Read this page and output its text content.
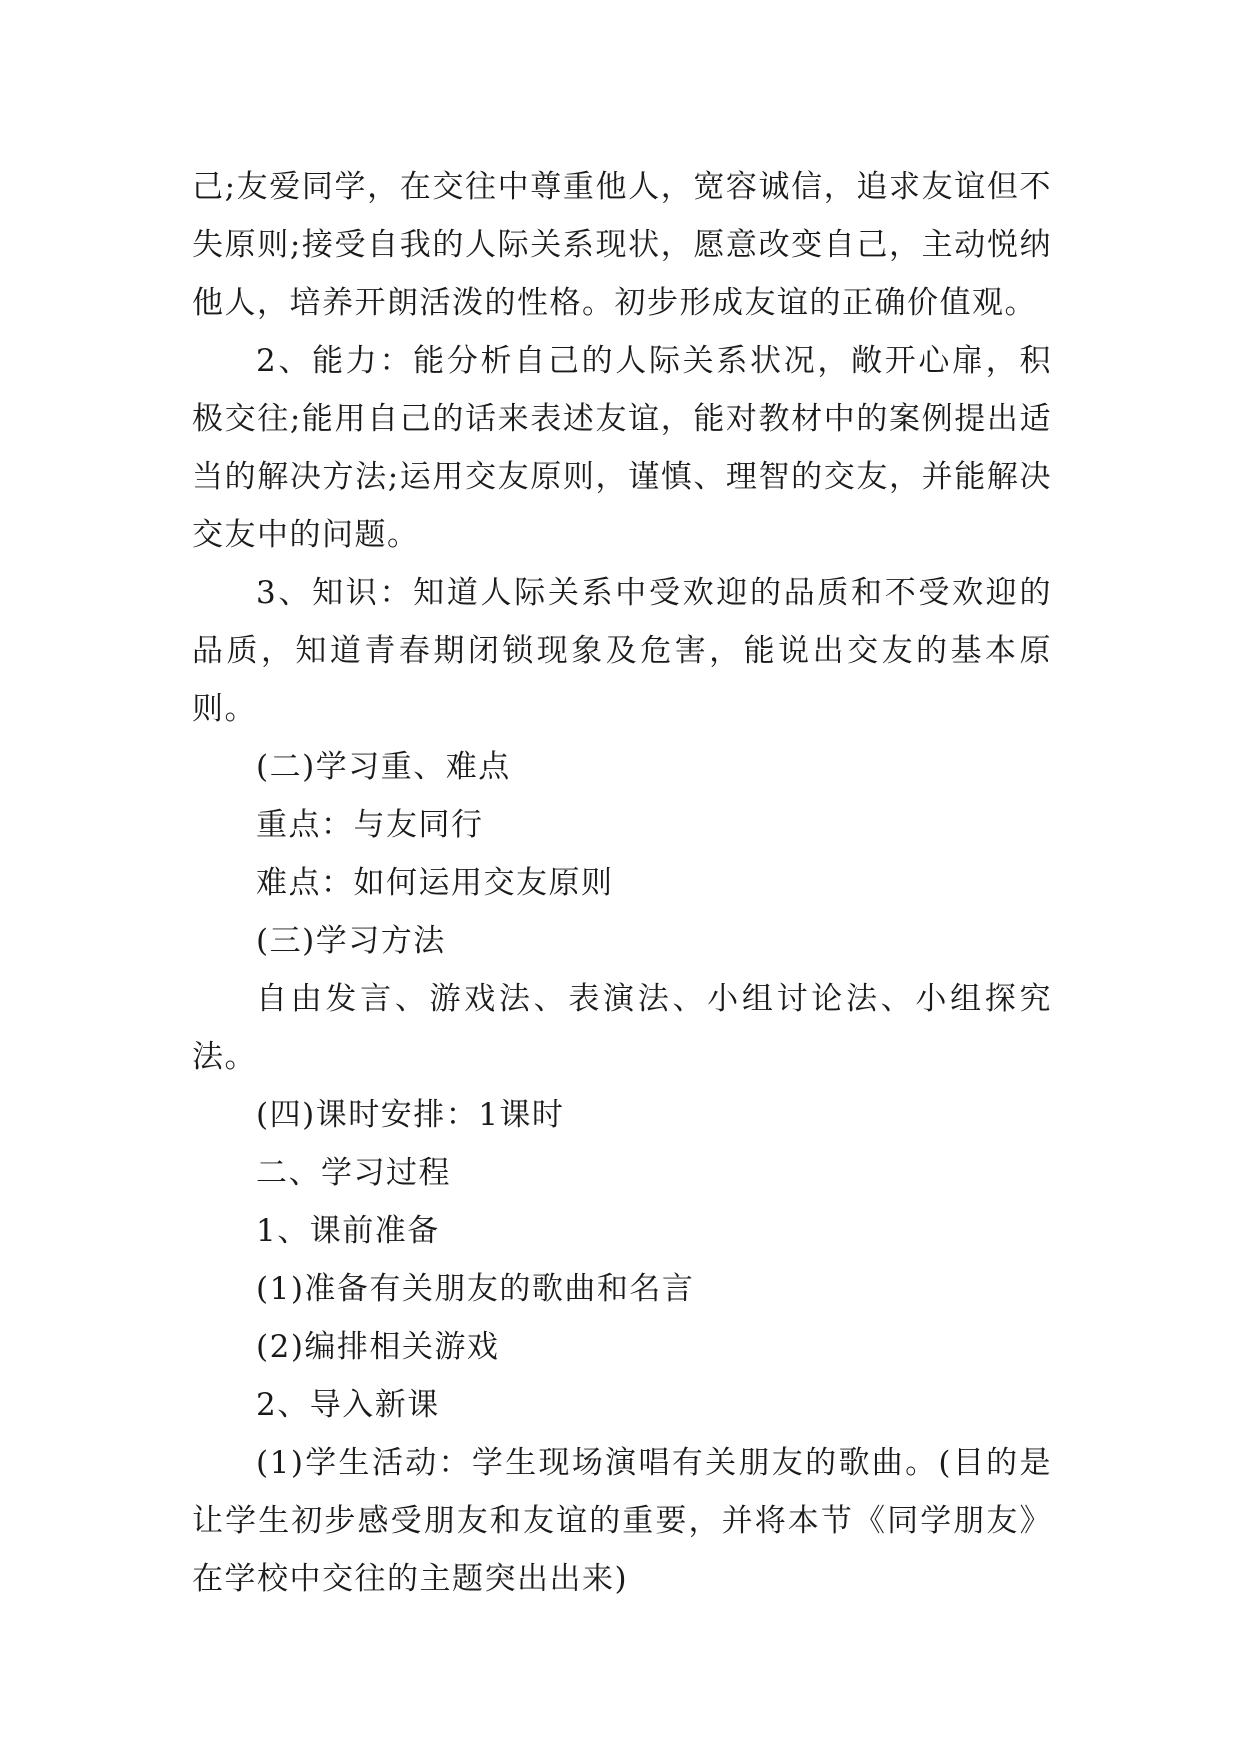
己;友爱同学，在交往中尊重他人，宽容诚信，追求友谊但不失原则;接受自我的人际关系现状，愿意改变自己，主动悦纳他人，培养开朗活泼的性格。初步形成友谊的正确价值观。

2、能力：能分析自己的人际关系状况，敞开心扉，积极交往;能用自己的话来表述友谊，能对教材中的案例提出适当的解决方法;运用交友原则，谨慎、理智的交友，并能解决交友中的问题。

3、知识：知道人际关系中受欢迎的品质和不受欢迎的品质，知道青春期闭锁现象及危害，能说出交友的基本原则。

(二)学习重、难点

重点：与友同行

难点：如何运用交友原则

(三)学习方法

自由发言、游戏法、表演法、小组讨论法、小组探究法。

(四)课时安排：1课时

二、学习过程

1、课前准备

(1)准备有关朋友的歌曲和名言

(2)编排相关游戏

2、导入新课

(1)学生活动：学生现场演唱有关朋友的歌曲。(目的是让学生初步感受朋友和友谊的重要，并将本节《同学朋友》在学校中交往的主题突出出来)
